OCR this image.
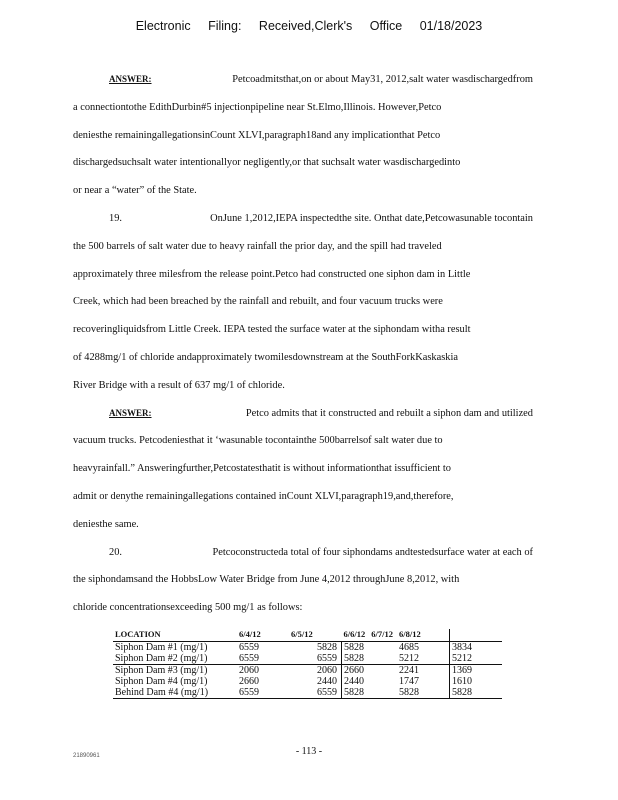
Electronic Filing: Received,Clerk's Office 01/18/2023
ANSWER:	Petcoadmitsthat,on or about May31, 2012,salt water wasdischargedfrom
a connectiontothe EdithDurbin#5 injectionpipeline near St.Elmo,Illinois. However,Petco
deniesthe remainingallegationsinCount XLVI,paragraph18and any implicationthat Petco
dischargedsuchsalt water intentionallyor negligently,or that suchsalt water wasdischargedinto
or near a “water” of the State.
19.	OnJune 1,2012,IEPA inspectedthe site. Onthat date,Petcowasunable tocontain
the 500 barrels of salt water due to heavy rainfall the prior day, and the spill had traveled
approximately three milesfrom the release point.Petco had constructed one siphon dam in Little
Creek, which had been breached by the rainfall and rebuilt, and four vacuum trucks were
recoveringliquidsfrom Little Creek. IEPA tested the surface water at the siphondam witha result
of 4288mg/1 of chloride andapproximately twomilesdownstream at the SouthForkKaskaskia
River Bridge with a result of 637 mg/1 of chloride.
ANSWER:	Petco admits that it constructed and rebuilt a siphon dam and utilized
vacuum trucks. Petcodeniesthat it ‘wasunable tocontainthe 500barrelsof salt water due to
heavyrainfall.” Answeringfurther,Petcostatesthatit is without informationthat issufficient to
admit or denythe remainingallegations contained inCount XLVI,paragraph19,and,therefore,
deniesthe same.
20.	Petcoconstructeda total of four siphondams andtestedsurface water at each of
the siphondamsand the HobbsLow Water Bridge from June 4,2012 throughJune 8,2012, with
chloride concentrationsexceeding 500 mg/1 as follows:
LOCATION	6/4/12	6/5/12	6/6/12	6/7/12	6/8/12	
Siphon Dam #1 (mg/1)	6559	5828	5828		4685	3834
Siphon Dam #2 (mg/1)	6559	6559	5828		5212	5212
Siphon Dam #3 (mg/1)	2060	2060	2660		2241	1369
Siphon Dam #4 (mg/1)	2660	2440	2440		1747	1610
Behind Dam #4 (mg/1)	6559	6559	5828		5828	5828
21890961	- 113 -
